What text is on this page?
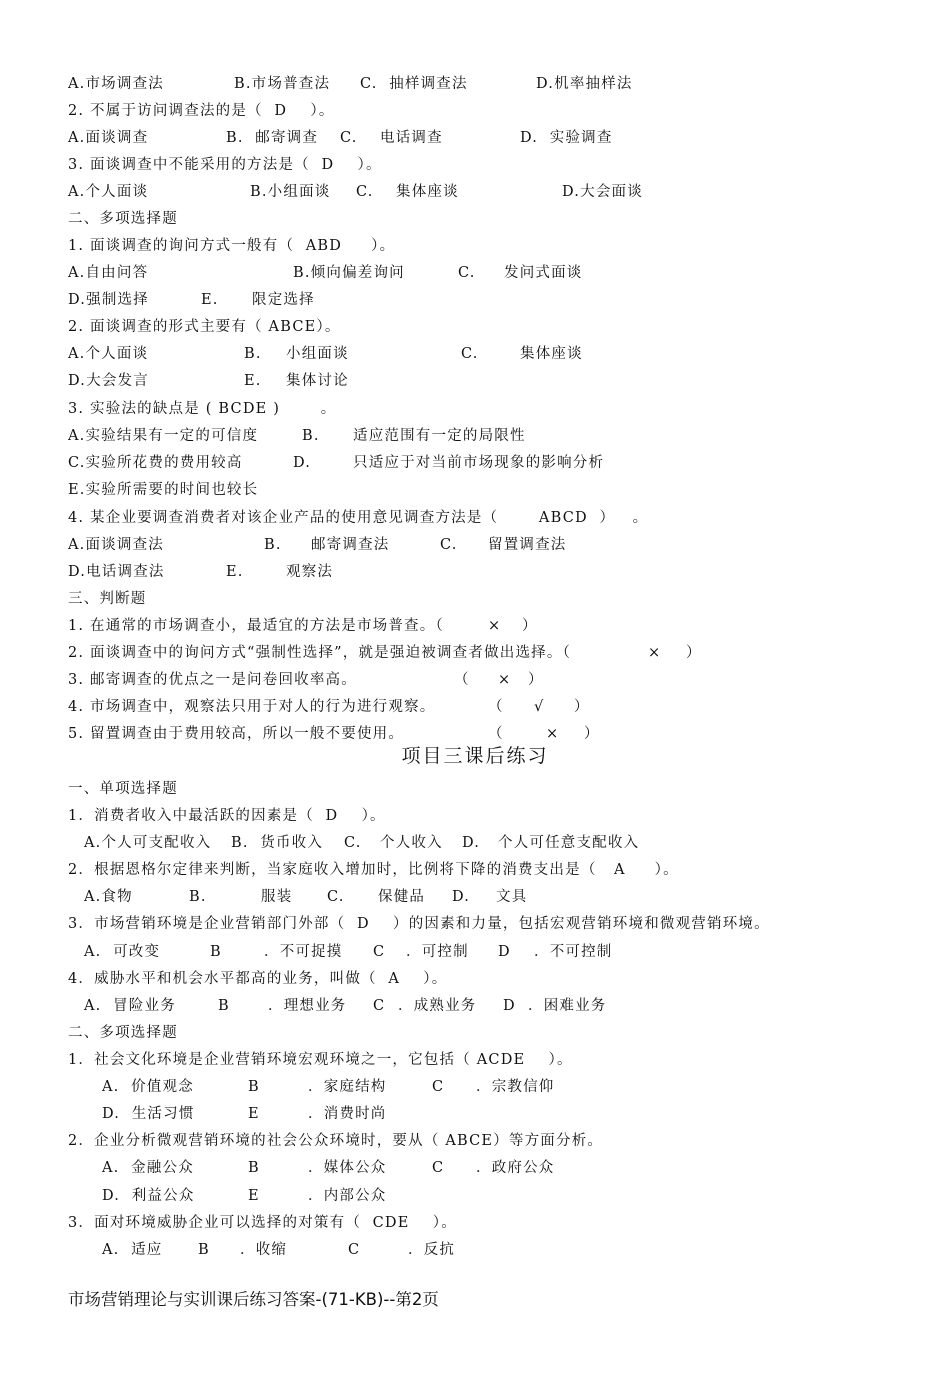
A.市场调查法

	B.市场普查法

C.  抽样调查法

	D.机率抽样法

2. 不属于访问调查法的是（  D    ）。

A.面谈调查

	B.  邮寄调查

C.

电话调查

	D.  实验调查

3. 面谈调查中不能采用的方法是（  D    ）。

A.个人面谈

	B.小组面谈

C.

集体座谈

	D.大会面谈

二、多项选择题
1. 面谈调查的询问方式一般有（  ABD     ）。

A.自由问答

	B.倾向偏差询问

	C.

发问式面谈

D.强制选择

	E.

限定选择

2. 面谈调查的形式主要有（ ABCE）。

A.个人面谈

	B.

小组面谈

	C.

	集体座谈

D.大会发言

	E.

集体讨论

3. 实验法的缺点是 ( BCDE )       。

A.实验结果有一定的可信度

	B.

适应范围有一定的局限性

C.实验所花费的费用较高

	D.

	只适应于对当前市场现象的影响分析

E.实验所需要的时间也较长
4. 某企业要调查消费者对该企业产品的使用意见调查方法是（       ABCD  ）   。

A.面谈调查法

	B.

邮寄调查法

	C.

留置调查法

D.电话调查法

	E.

	观察法

三、判断题

1. 在通常的市场调查小，最适宜的方法是市场普查。（

	×

）

2. 面谈调查中的询问方式“强制性选择”，就是强迫被调查者做出选择。（

	×

）

3. 邮寄调查的优点之一是问卷回收率高。

	（

×

）

4. 市场调查中，观察法只用于对人的行为进行观察。

	（

√

）

5. 留置调查由于费用较高，所以一般不要使用。

	（

	×

）

项目三课后练习
一、单项选择题
1．消费者收入中最活跃的因素是（  D    ）。

A.个人可支配收入

B.  货币收入

C.

个人收入

D.

个人可任意支配收入

2．根据恩格尔定律来判断，当家庭收入增加时，比例将下降的消费支出是（   A     ）。

A.食物

	B.

	服装

C.

保健品

D.

文具

3．市场营销环境是企业营销部门外部（  D    ）的因素和力量，包括宏观营销环境和微观营销环境。

A.  可改变

	B

	．不可捉摸

C

．可控制

D

．不可控制

4．威胁水平和机会水平都高的业务，叫做（  A    ）。

A.  冒险业务

	B

	．理想业务

C

．成熟业务

D

．困难业务

二、多项选择题
1．社会文化环境是企业营销环境宏观环境之一，它包括（ ACDE    ）。

A.  价值观念

	B

	．家庭结构

	C

．宗教信仰

D.  生活习惯

	E

	．消费时尚

2．企业分析微观营销环境的社会公众环境时，要从（ ABCE）等方面分析。

A.  金融公众

	B

	．媒体公众

	C

．政府公众

D.  利益公众

	E

	．内部公众

3．面对环境威胁企业可以选择的对策有（  CDE    ）。

A.  适应

B

．收缩

	C

	．反抗

市场营销理论与实训课后练习答案-(71-KB)--第2页
